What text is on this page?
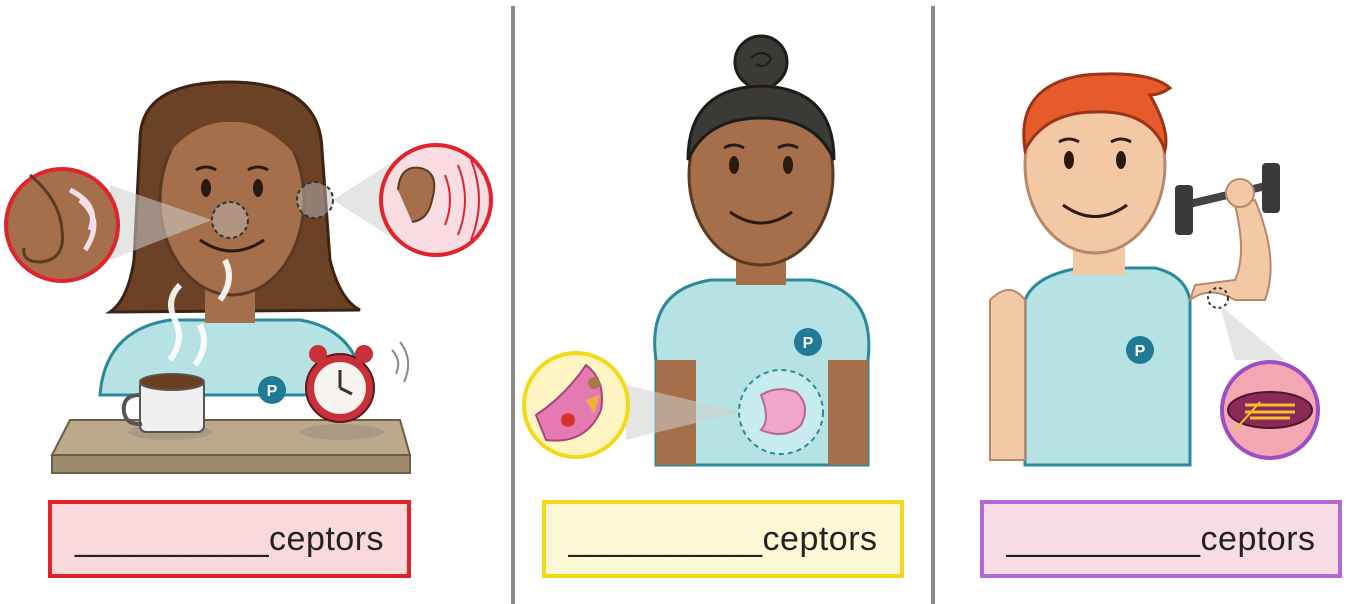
P
__________ceptors
P
__________ceptors
P
__________ceptors
